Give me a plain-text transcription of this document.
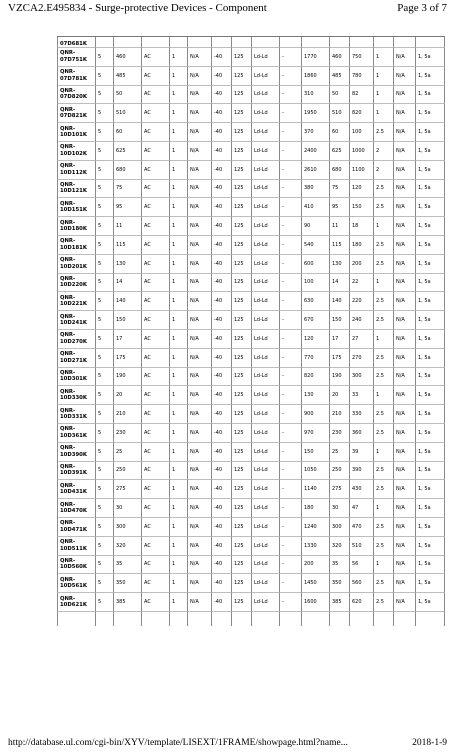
VZCA2.E495834 - Surge-protective Devices - Component	Page 3 of 7
07D681K															
QNR-07D751K	5	460	AC	1	N/A	-40	125	Ld-Ld	-	1770	460	750	1	N/A	1, 5a
QNR-07D781K	5	485	AC	1	N/A	-40	125	Ld-Ld	-	1860	485	780	1	N/A	1, 5a
QNR-07D820K	5	50	AC	1	N/A	-40	125	Ld-Ld	-	310	50	82	1	N/A	1, 5a
QNR-07D821K	5	510	AC	1	N/A	-40	125	Ld-Ld	-	1950	510	820	1	N/A	1, 5a
QNR-10D101K	5	60	AC	1	N/A	-40	125	Ld-Ld	-	370	60	100	2.5	N/A	1, 5a
QNR-10D102K	5	625	AC	1	N/A	-40	125	Ld-Ld	-	2400	625	1000	2	N/A	1, 5a
QNR-10D112K	5	680	AC	1	N/A	-40	125	Ld-Ld	-	2610	680	1100	2	N/A	1, 5a
QNR-10D121K	5	75	AC	1	N/A	-40	125	Ld-Ld	-	380	75	120	2.5	N/A	1, 5a
QNR-10D151K	5	95	AC	1	N/A	-40	125	Ld-Ld	-	410	95	150	2.5	N/A	1, 5a
QNR-10D180K	5	11	AC	1	N/A	-40	125	Ld-Ld	-	90	11	18	1	N/A	1, 5a
QNR-10D181K	5	115	AC	1	N/A	-40	125	Ld-Ld	-	540	115	180	2.5	N/A	1, 5a
QNR-10D201K	5	130	AC	1	N/A	-40	125	Ld-Ld	-	600	130	200	2.5	N/A	1, 5a
QNR-10D220K	5	14	AC	1	N/A	-40	125	Ld-Ld	-	100	14	22	1	N/A	1, 5a
QNR-10D221K	5	140	AC	1	N/A	-40	125	Ld-Ld	-	630	140	220	2.5	N/A	1, 5a
QNR-10D241K	5	150	AC	1	N/A	-40	125	Ld-Ld	-	670	150	240	2.5	N/A	1, 5a
QNR-10D270K	5	17	AC	1	N/A	-40	125	Ld-Ld	-	120	17	27	1	N/A	1, 5a
QNR-10D271K	5	175	AC	1	N/A	-40	125	Ld-Ld	-	770	175	270	2.5	N/A	1, 5a
QNR-10D301K	5	190	AC	1	N/A	-40	125	Ld-Ld	-	820	190	300	2.5	N/A	1, 5a
QNR-10D330K	5	20	AC	1	N/A	-40	125	Ld-Ld	-	130	20	33	1	N/A	1, 5a
QNR-10D331K	5	210	AC	1	N/A	-40	125	Ld-Ld	-	900	210	330	2.5	N/A	1, 5a
QNR-10D361K	5	230	AC	1	N/A	-40	125	Ld-Ld	-	970	230	360	2.5	N/A	1, 5a
QNR-10D390K	5	25	AC	1	N/A	-40	125	Ld-Ld	-	150	25	39	1	N/A	1, 5a
QNR-10D391K	5	250	AC	1	N/A	-40	125	Ld-Ld	-	1050	250	390	2.5	N/A	1, 5a
QNR-10D431K	5	275	AC	1	N/A	-40	125	Ld-Ld	-	1140	275	430	2.5	N/A	1, 5a
QNR-10D470K	5	30	AC	1	N/A	-40	125	Ld-Ld	-	180	30	47	1	N/A	1, 5a
QNR-10D471K	5	300	AC	1	N/A	-40	125	Ld-Ld	-	1240	300	470	2.5	N/A	1, 5a
QNR-10D511K	5	320	AC	1	N/A	-40	125	Ld-Ld	-	1330	320	510	2.5	N/A	1, 5a
QNR-10D560K	5	35	AC	1	N/A	-40	125	Ld-Ld	-	200	35	56	1	N/A	1, 5a
QNR-10D561K	5	350	AC	1	N/A	-40	125	Ld-Ld	-	1450	350	560	2.5	N/A	1, 5a
QNR-10D621K	5	385	AC	1	N/A	-40	125	Ld-Ld	-	1600	385	620	2.5	N/A	1, 5a

http://database.ul.com/cgi-bin/XYV/template/LISEXT/1FRAME/showpage.html?name...	2018-1-9
